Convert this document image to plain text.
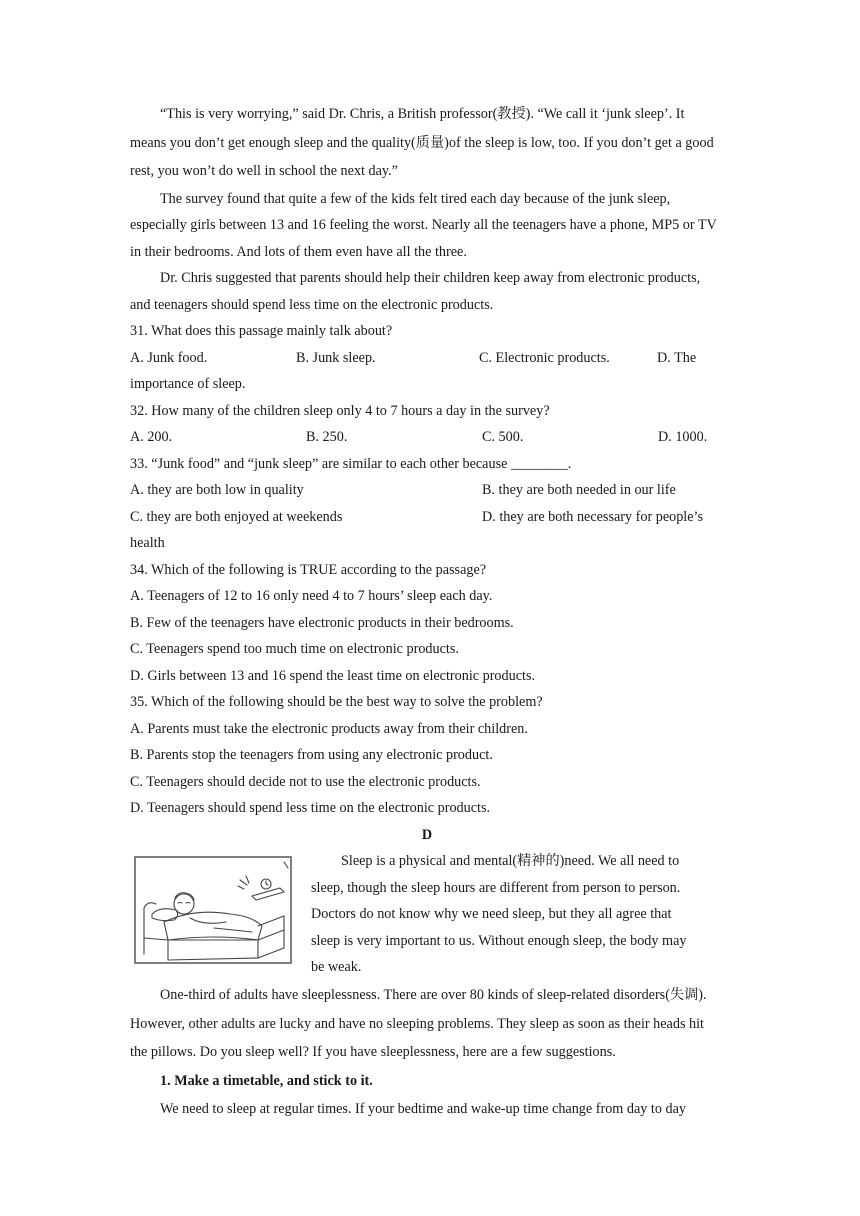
“This is very worrying,” said Dr. Chris, a British professor(教授). “We call it ‘junk sleep’. It means you don’t get enough sleep and the quality(质量)of the sleep is low, too. If you don’t get a good rest, you won’t do well in school the next day.”

The survey found that quite a few of the kids felt tired each day because of the junk sleep, especially girls between 13 and 16 feeling the worst. Nearly all the teenagers have a phone, MP5 or TV in their bedrooms. And lots of them even have all the three.

Dr. Chris suggested that parents should help their children keep away from electronic products, and teenagers should spend less time on the electronic products.

31. What does this passage mainly talk about?

A. Junk food.	B. Junk sleep.	C. Electronic products.	D. The

importance of sleep.

32. How many of the children sleep only 4 to 7 hours a day in the survey?

A. 200.	B. 250.	C. 500.	D. 1000.

33. “Junk food” and “junk sleep” are similar to each other because ________.

A. they are both low in quality	B. they are both needed in our life
C. they are both enjoyed at weekends	D. they are both necessary for people’s

health

34. Which of the following is TRUE according to the passage?

A. Teenagers of 12 to 16 only need 4 to 7 hours’ sleep each day.

B. Few of the teenagers have electronic products in their bedrooms.

C. Teenagers spend too much time on electronic products.

D. Girls between 13 and 16 spend the least time on electronic products.

35. Which of the following should be the best way to solve the problem?

A. Parents must take the electronic products away from their children.

B. Parents stop the teenagers from using any electronic product.

C. Teenagers should decide not to use the electronic products.

D. Teenagers should spend less time on the electronic products.

D

Sleep is a physical and mental(精神的)need. We all need to
sleep, though the sleep hours are different from person to person.
Doctors do not know why we need sleep, but they all agree that
sleep is very important to us. Without enough sleep, the body may
be weak.

One-third of adults have sleeplessness. There are over 80 kinds of sleep-related disorders(失调). However, other adults are lucky and have no sleeping problems. They sleep as soon as their heads hit the pillows. Do you sleep well? If you have sleeplessness, here are a few suggestions.

1. Make a timetable, and stick to it.

We need to sleep at regular times. If your bedtime and wake-up time change from day to day
